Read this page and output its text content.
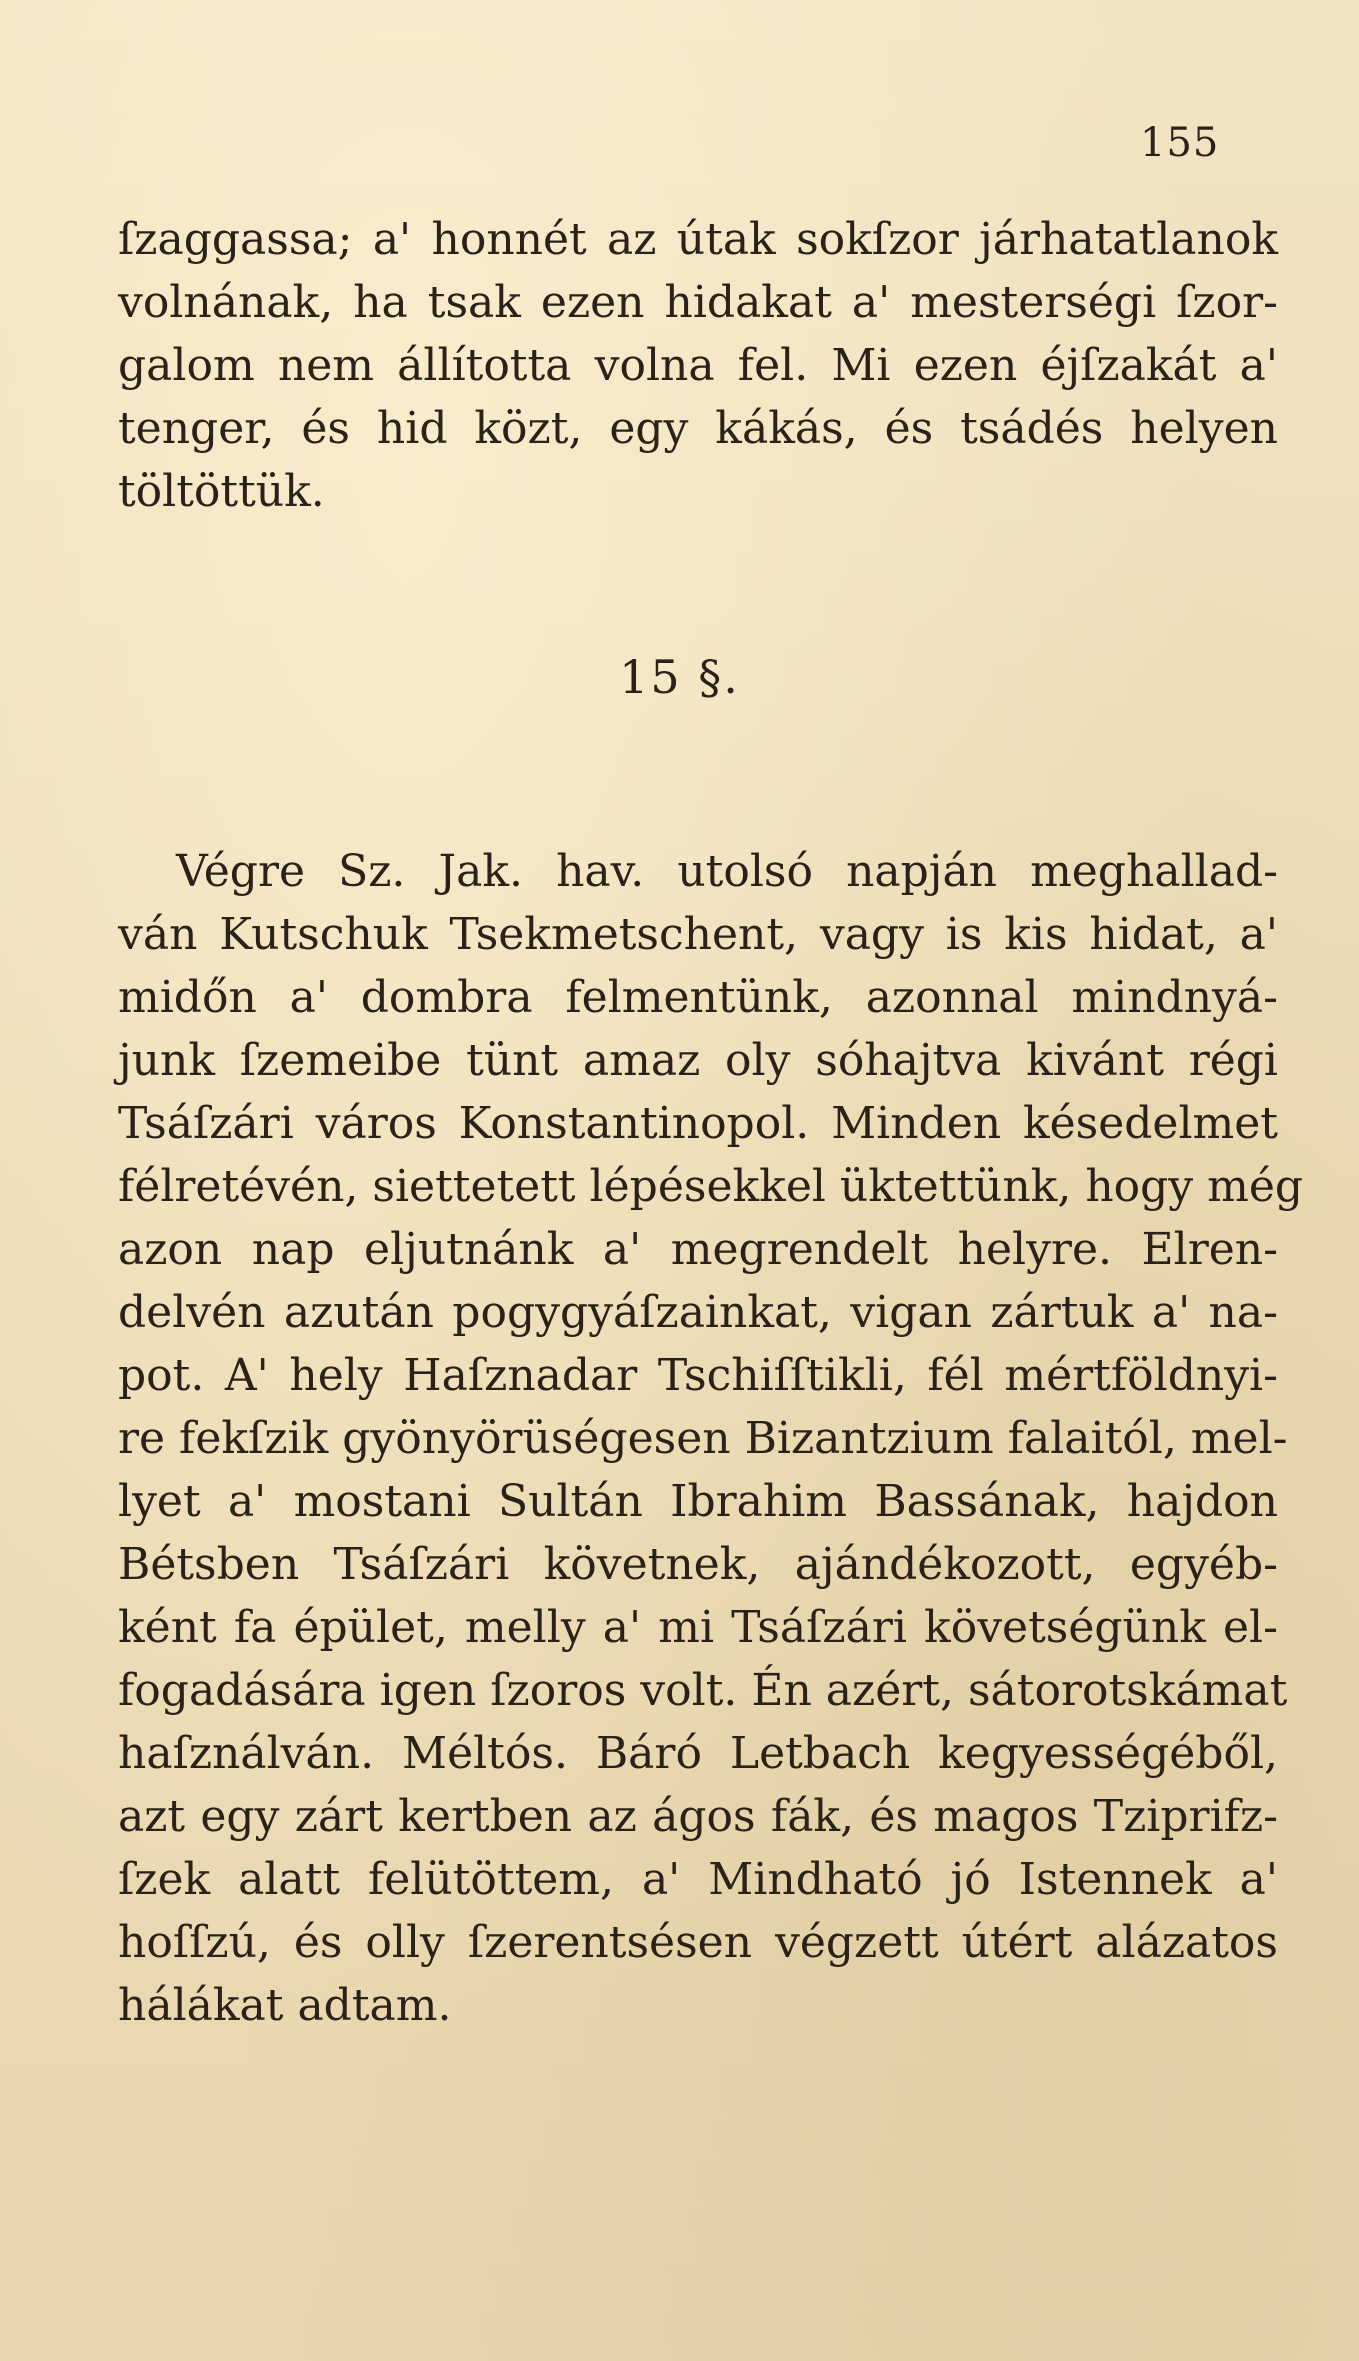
155
ſzaggassa; a' honnét az útak sokſzor járhatatlanok
volnának, ha tsak ezen hidakat a' mesterségi ſzor-
galom nem állította volna fel. Mi ezen éjſzakát a'
tenger, és hid közt, egy kákás, és tsádés helyen
töltöttük.
15 §.
Végre Sz. Jak. hav. utolsó napján meghallad-
ván Kutschuk Tsekmetschent, vagy is kis hidat, a'
midőn a' dombra felmentünk, azonnal mindnyá-
junk ſzemeibe tünt amaz oly sóhajtva kivánt régi
Tsáſzári város Konstantinopol. Minden késedelmet
félretévén, siettetett lépésekkel üktettünk, hogy még
azon nap eljutnánk a' megrendelt helyre. Elren-
delvén azután pogygyáſzainkat, vigan zártuk a' na-
pot. A' hely Haſznadar Tschiſſtikli, fél mértföldnyi-
re fekſzik gyönyörüségesen Bizantzium falaitól, mel-
lyet a' mostani Sultán Ibrahim Bassának, hajdon
Bétsben Tsáſzári követnek, ajándékozott, egyéb-
ként fa épület, melly a' mi Tsáſzári követségünk el-
fogadására igen ſzoros volt. Én azért, sátorotskámat
haſználván. Méltós. Báró Letbach kegyességéből,
azt egy zárt kertben az ágos fák, és magos Tziprifz-
ſzek alatt felütöttem, a' Mindható jó Istennek a'
hoſſzú, és olly ſzerentsésen végzett útért alázatos
hálákat adtam.
